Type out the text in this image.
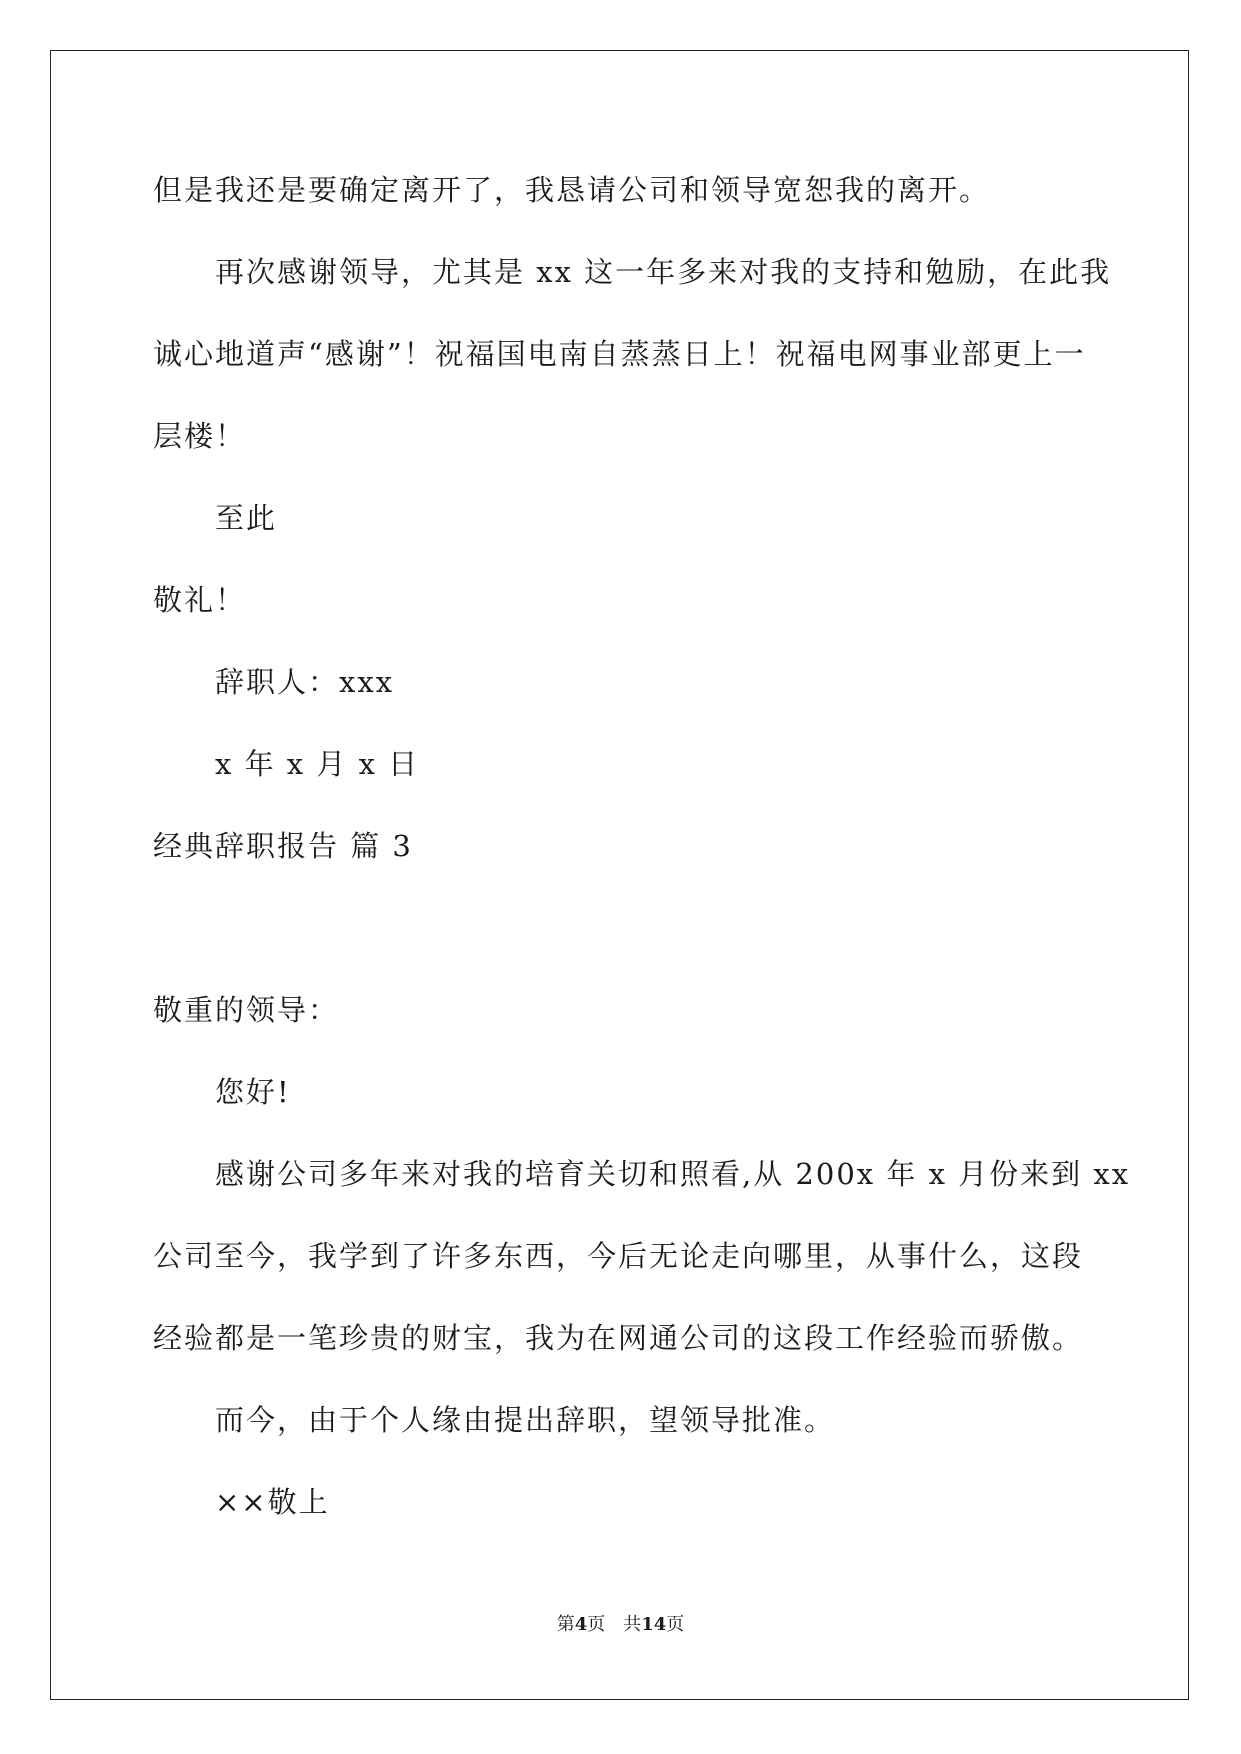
但是我还是要确定离开了，我恳请公司和领导宽恕我的离开。
再次感谢领导，尤其是 xx 这一年多来对我的支持和勉励，在此我
诚心地道声“感谢”！祝福国电南自蒸蒸日上！祝福电网事业部更上一
层楼！
至此
敬礼！
辞职人：xxx
x 年 x 月 x 日
经典辞职报告 篇 3
敬重的领导：
您好!
感谢公司多年来对我的培育关切和照看,从 200x 年 x 月份来到 xx
公司至今，我学到了许多东西，今后无论走向哪里，从事什么，这段
经验都是一笔珍贵的财宝，我为在网通公司的这段工作经验而骄傲。
而今，由于个人缘由提出辞职，望领导批准。
××敬上
第4页　共14页
